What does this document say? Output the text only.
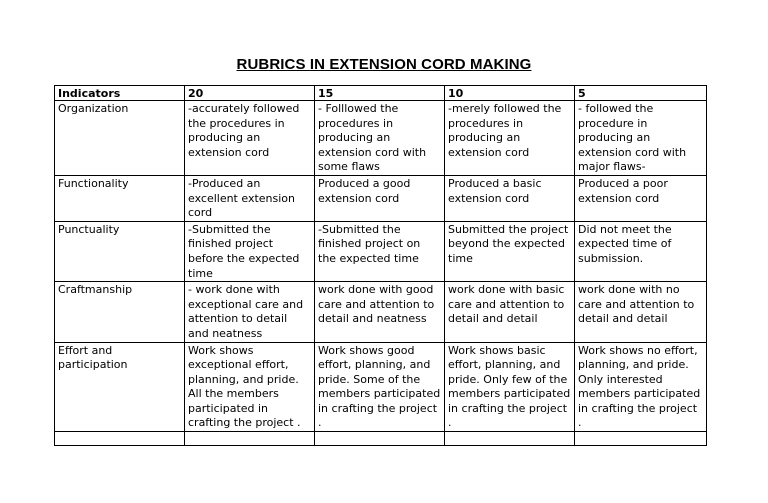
RUBRICS IN EXTENSION CORD MAKING
Indicators	20	15	10	5
Organization	-accurately followed the procedures in producing an extension cord	- Folllowed the procedures in producing an extension cord with some flaws	-merely followed the procedures in producing an extension cord	- followed the procedure in producing an extension cord with major flaws-
Functionality	-Produced an excellent extension cord	Produced a good extension cord	Produced a basic extension cord	Produced a poor extension cord
Punctuality	-Submitted the finished project before the expected time	-Submitted the finished project on the expected time	Submitted the project beyond the expected time	Did not meet the expected time of submission.
Craftmanship	- work done with exceptional care and attention to detail and neatness	work done with good care and attention to detail and neatness	work done with basic care and attention to detail and detail	work done with no care and attention to detail and detail
Effort and participation	Work shows exceptional effort, planning, and pride. All the members participated in crafting the project .	Work shows good effort, planning, and pride. Some of the members participated in crafting the project .	Work shows basic effort, planning, and pride. Only few of the members participated in crafting the project .	Work shows no effort, planning, and pride. Only interested members participated in crafting the project .
